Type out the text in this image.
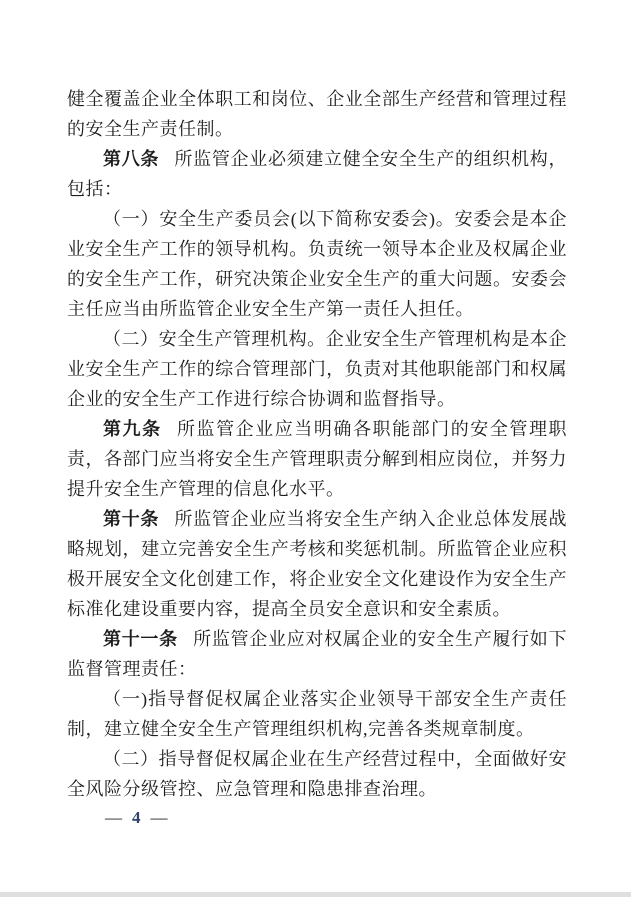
健全覆盖企业全体职工和岗位、企业全部生产经营和管理过程的安全生产责任制。

第八条 所监管企业必须建立健全安全生产的组织机构，包括：

（一）安全生产委员会(以下简称安委会)。安委会是本企业安全生产工作的领导机构。负责统一领导本企业及权属企业的安全生产工作，研究决策企业安全生产的重大问题。安委会主任应当由所监管企业安全生产第一责任人担任。

（二）安全生产管理机构。企业安全生产管理机构是本企业安全生产工作的综合管理部门，负责对其他职能部门和权属企业的安全生产工作进行综合协调和监督指导。

第九条 所监管企业应当明确各职能部门的安全管理职责，各部门应当将安全生产管理职责分解到相应岗位，并努力提升安全生产管理的信息化水平。

第十条 所监管企业应当将安全生产纳入企业总体发展战略规划，建立完善安全生产考核和奖惩机制。所监管企业应积极开展安全文化创建工作，将企业安全文化建设作为安全生产标准化建设重要内容，提高全员安全意识和安全素质。

第十一条 所监管企业应对权属企业的安全生产履行如下监督管理责任：

（一)指导督促权属企业落实企业领导干部安全生产责任制，建立健全安全生产管理组织机构,完善各类规章制度。

（二）指导督促权属企业在生产经营过程中，全面做好安全风险分级管控、应急管理和隐患排查治理。

— 4 —
